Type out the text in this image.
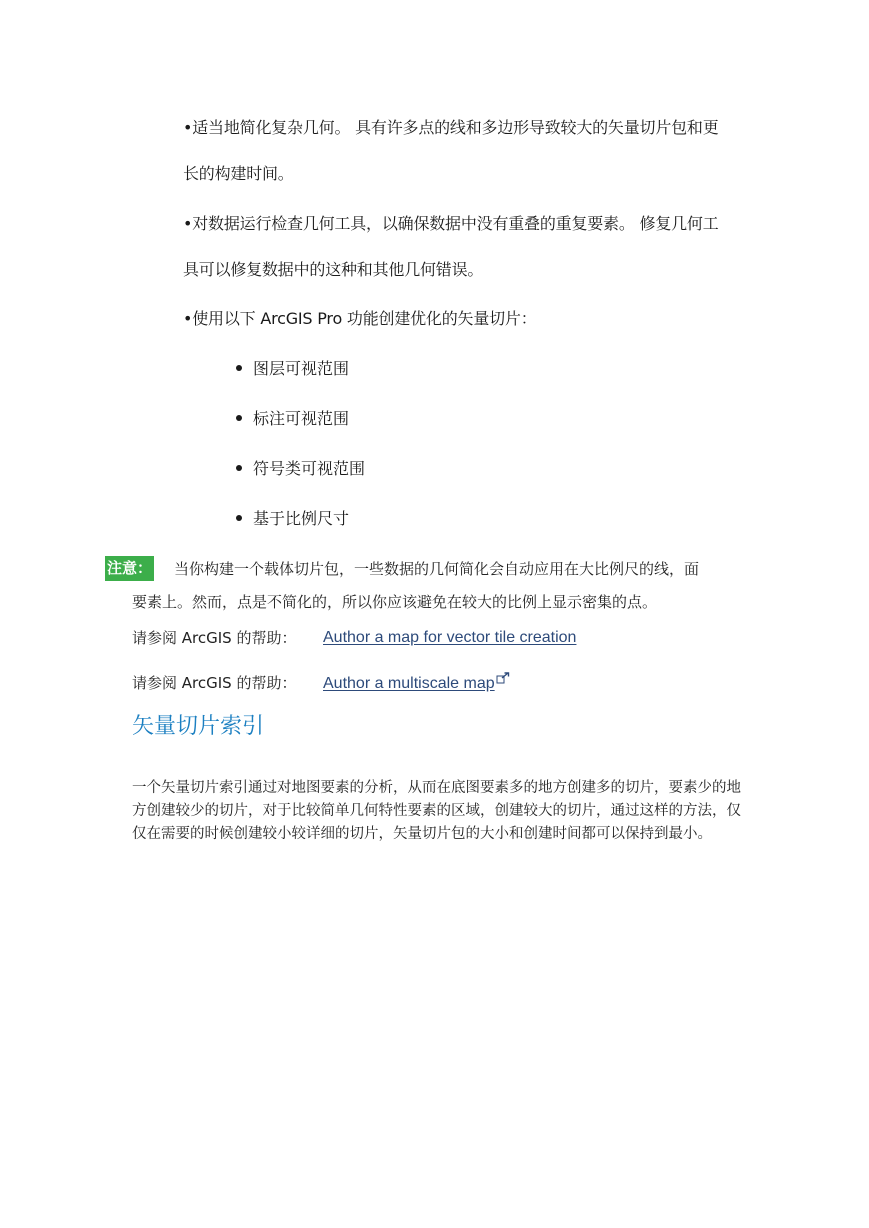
•适当地简化复杂几何。 具有许多点的线和多边形导致较大的矢量切片包和更
长的构建时间。
•对数据运行检查几何工具，以确保数据中没有重叠的重复要素。 修复几何工
具可以修复数据中的这种和其他几何错误。
•使用以下 ArcGIS Pro 功能创建优化的矢量切片：
图层可视范围
标注可视范围
符号类可视范围
基于比例尺寸
注意： 当你构建一个载体切片包，一些数据的几何简化会自动应用在大比例尺的线，面
要素上。然而，点是不简化的，所以你应该避免在较大的比例上显示密集的点。
请参阅 ArcGIS 的帮助： Author a map for vector tile creation
请参阅 ArcGIS 的帮助： Author a multiscale map
矢量切片索引
一个矢量切片索引通过对地图要素的分析，从而在底图要素多的地方创建多的切片，要素少的地方创建较少的切片，对于比较简单几何特性要素的区域，创建较大的切片，通过这样的方法，仅仅在需要的时候创建较小较详细的切片，矢量切片包的大小和创建时间都可以保持到最小。
